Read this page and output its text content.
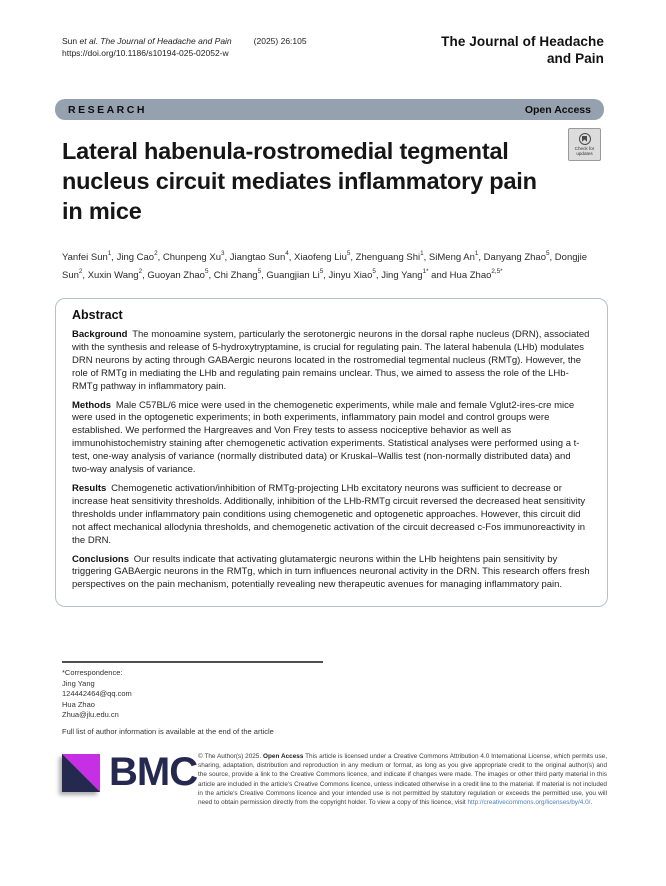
Sun et al. The Journal of Headache and Pain	(2025) 26:105
https://doi.org/10.1186/s10194-025-02052-w
The Journal of Headache
and Pain
RESEARCH	Open Access
Check for
updates
Lateral habenula-rostromedial tegmental
nucleus circuit mediates inflammatory pain
in mice
Yanfei Sun$^1$, Jing Cao$^2$, Chunpeng Xu$^3$, Jiangtao Sun$^4$, Xiaofeng Liu$^5$, Zhenguang Shi$^1$, SiMeng An$^1$, Danyang Zhao$^5$, Dongjie Sun$^2$, Xuxin Wang$^2$, Guoyan Zhao$^5$, Chi Zhang$^5$, Guangjian Li$^5$, Jinyu Xiao$^5$, Jing Yang$^{1*}$ and Hua Zhao$^{2,5*}$
Abstract

Background The monoamine system, particularly the serotonergic neurons in the dorsal raphe nucleus (DRN), associated with the synthesis and release of 5-hydroxytryptamine, is crucial for regulating pain. The lateral habenula (LHb) modulates DRN neurons by acting through GABAergic neurons located in the rostromedial tegmental nucleus (RMTg). However, the role of RMTg in mediating the LHb and regulating pain remains unclear. Thus, we aimed to assess the role of the LHb-RMTg pathway in inflammatory pain.

Methods Male C57BL/6 mice were used in the chemogenetic experiments, while male and female Vglut2-ires-cre mice were used in the optogenetic experiments; in both experiments, inflammatory pain model and control groups were established. We performed the Hargreaves and Von Frey tests to assess nociceptive behavior as well as immunohistochemistry staining after chemogenetic activation experiments. Statistical analyses were performed using a t-test, one-way analysis of variance (normally distributed data) or Kruskal–Wallis test (non-normally distributed data) and two-way analysis of variance.

Results Chemogenetic activation/inhibition of RMTg-projecting LHb excitatory neurons was sufficient to decrease or increase heat sensitivity thresholds. Additionally, inhibition of the LHb-RMTg circuit reversed the decreased heat sensitivity thresholds under inflammatory pain conditions using chemogenetic and optogenetic approaches. However, this circuit did not affect mechanical allodynia thresholds, and chemogenetic activation of the circuit decreased c-Fos immunoreactivity in the DRN.

Conclusions Our results indicate that activating glutamatergic neurons within the LHb heightens pain sensitivity by triggering GABAergic neurons in the RMTg, which in turn influences neuronal activity in the DRN. This research offers fresh perspectives on the pain mechanism, potentially revealing new therapeutic avenues for managing inflammatory pain.

*Correspondence:
Jing Yang
124442464@qq.com
Hua Zhao
Zhua@jlu.edu.cn
Full list of author information is available at the end of the article
BMC © The Author(s) 2025. Open Access This article is licensed under a Creative Commons Attribution 4.0 International License, which permits use, sharing, adaptation, distribution and reproduction in any medium or format, as long as you give appropriate credit to the original author(s) and the source, provide a link to the Creative Commons licence, and indicate if changes were made. The images or other third party material in this article are included in the article's Creative Commons licence, unless indicated otherwise in a credit line to the material. If material is not included in the article's Creative Commons licence and your intended use is not permitted by statutory regulation or exceeds the permitted use, you will need to obtain permission directly from the copyright holder. To view a copy of this licence, visit http://creativecommons.org/licenses/by/4.0/.
